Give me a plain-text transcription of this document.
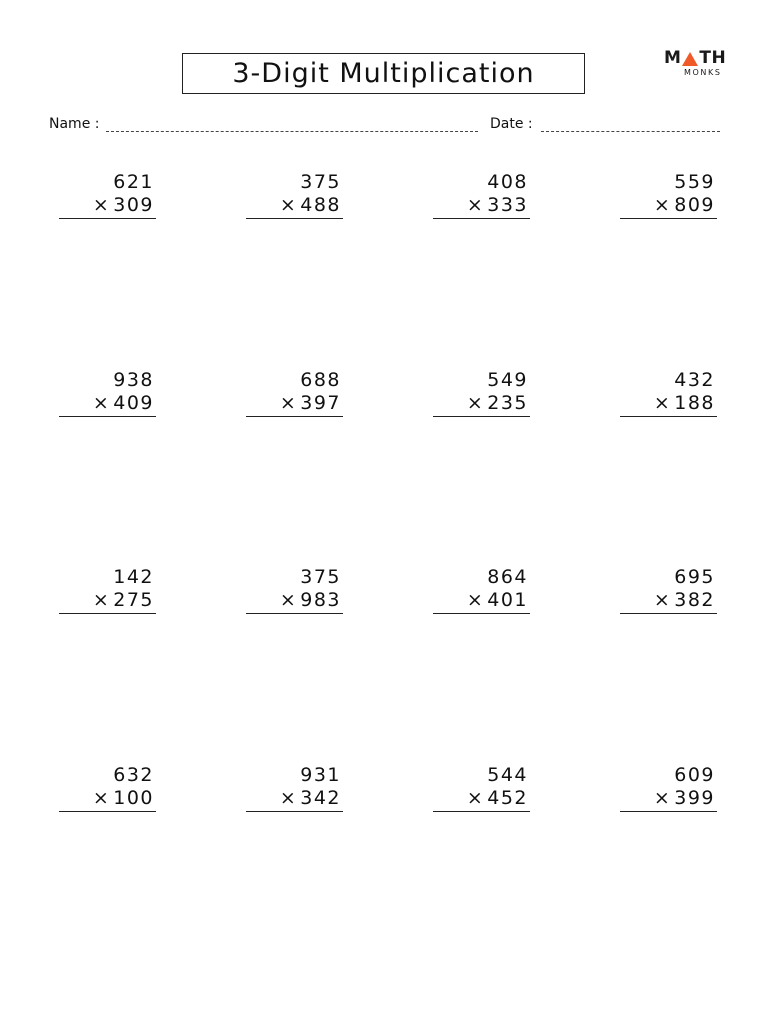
3-Digit Multiplication	M TH
MONKS
Name :	Date :
621
× 309
375
× 488
408
× 333
559
× 809
938
× 409
688
× 397
549
× 235
432
× 188
142
× 275
375
× 983
864
× 401
695
× 382
632
× 100
931
× 342
544
× 452
609
× 399
